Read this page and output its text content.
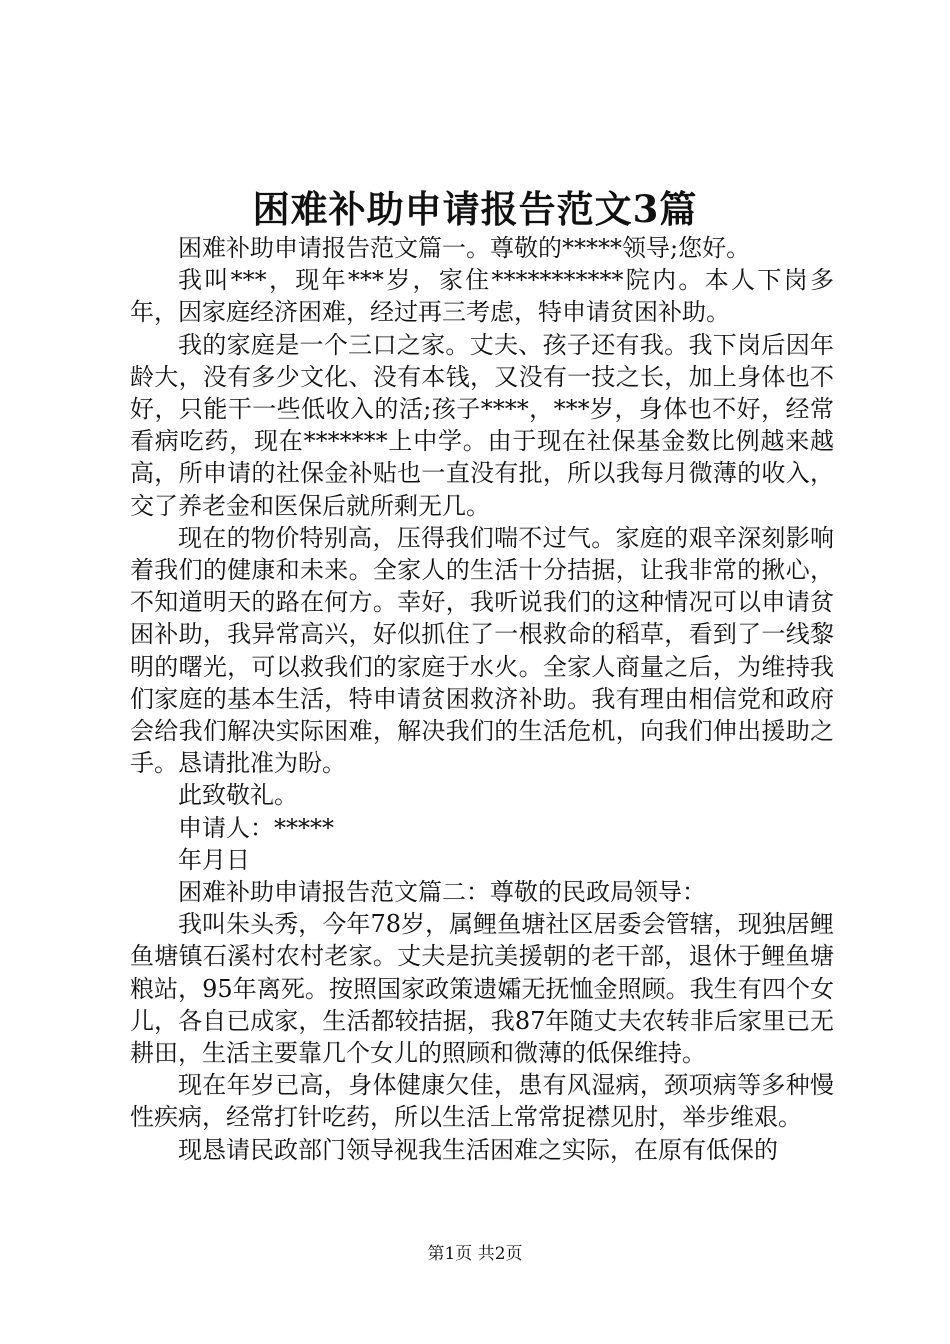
困难补助申请报告范文3篇

困难补助申请报告范文篇一。尊敬的*****领导;您好。

我叫***，现年***岁，家住***********院内。本人下岗多年，因家庭经济困难，经过再三考虑，特申请贫困补助。

我的家庭是一个三口之家。丈夫、孩子还有我。我下岗后因年龄大，没有多少文化、没有本钱，又没有一技之长，加上身体也不好，只能干一些低收入的活;孩子****，***岁，身体也不好，经常看病吃药，现在*******上中学。由于现在社保基金数比例越来越高，所申请的社保金补贴也一直没有批，所以我每月微薄的收入，交了养老金和医保后就所剩无几。

现在的物价特别高，压得我们喘不过气。家庭的艰辛深刻影响着我们的健康和未来。全家人的生活十分拮据，让我非常的揪心，不知道明天的路在何方。幸好，我听说我们的这种情况可以申请贫困补助，我异常高兴，好似抓住了一根救命的稻草，看到了一线黎明的曙光，可以救我们的家庭于水火。全家人商量之后，为维持我们家庭的基本生活，特申请贫困救济补助。我有理由相信党和政府会给我们解决实际困难，解决我们的生活危机，向我们伸出援助之手。恳请批准为盼。

此致敬礼。

申请人：*****

年月日

困难补助申请报告范文篇二：尊敬的民政局领导：

我叫朱头秀，今年78岁，属鲤鱼塘社区居委会管辖，现独居鲤鱼塘镇石溪村农村老家。丈夫是抗美援朝的老干部，退休于鲤鱼塘粮站，95年离死。按照国家政策遗孀无抚恤金照顾。我生有四个女儿，各自已成家，生活都较拮据，我87年随丈夫农转非后家里已无耕田，生活主要靠几个女儿的照顾和微薄的低保维持。

现在年岁已高，身体健康欠佳，患有风湿病，颈项病等多种慢性疾病，经常打针吃药，所以生活上常常捉襟见肘，举步维艰。

现恳请民政部门领导视我生活困难之实际，在原有低保的

第1页 共2页
